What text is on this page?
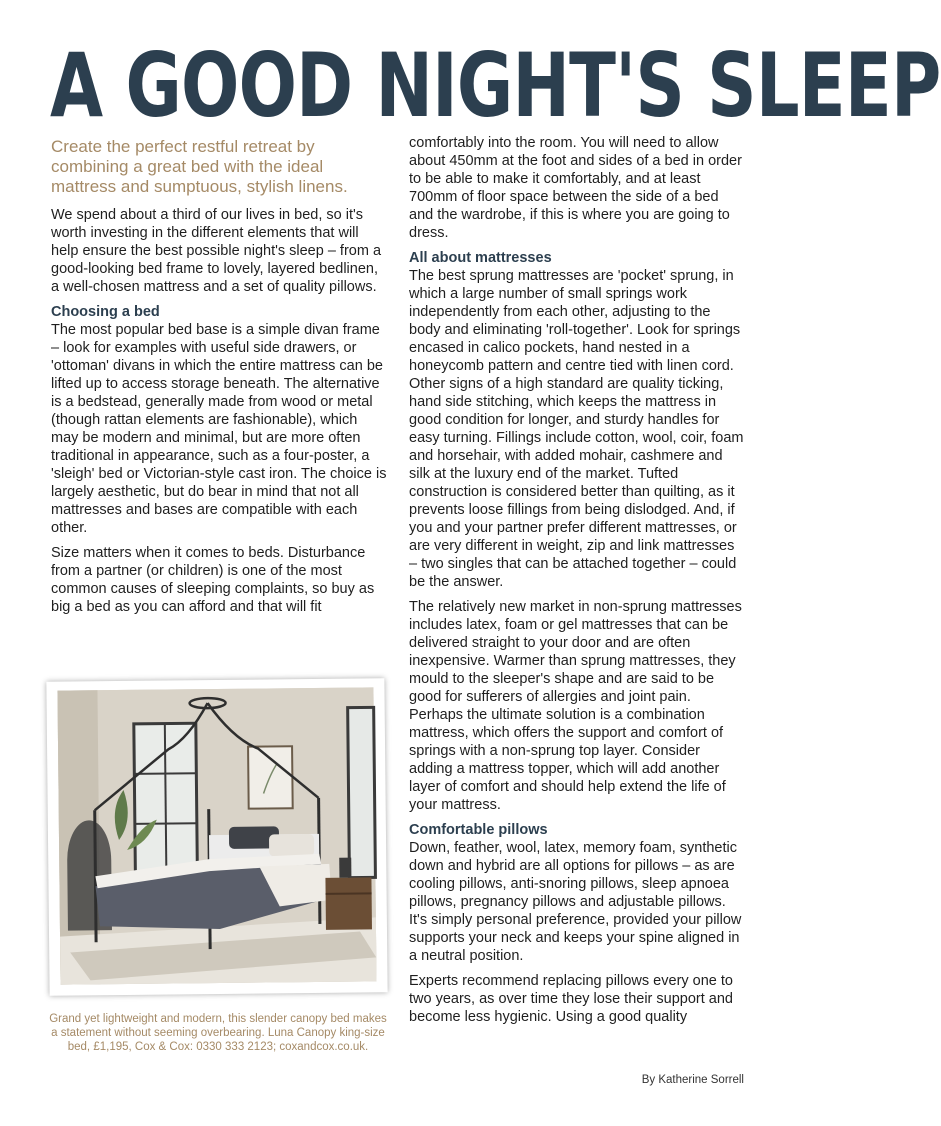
A GOOD NIGHT'S SLEEP

Create the perfect restful retreat by combining a great bed with the ideal mattress and sumptuous, stylish linens.

We spend about a third of our lives in bed, so it's worth investing in the different elements that will help ensure the best possible night's sleep – from a good-looking bed frame to lovely, layered bedlinen, a well-chosen mattress and a set of quality pillows.

Choosing a bed

The most popular bed base is a simple divan frame – look for examples with useful side drawers, or 'ottoman' divans in which the entire mattress can be lifted up to access storage beneath. The alternative is a bedstead, generally made from wood or metal (though rattan elements are fashionable), which may be modern and minimal, but are more often traditional in appearance, such as a four-poster, a 'sleigh' bed or Victorian-style cast iron. The choice is largely aesthetic, but do bear in mind that not all mattresses and bases are compatible with each other.

Size matters when it comes to beds. Disturbance from a partner (or children) is one of the most common causes of sleeping complaints, so buy as big a bed as you can afford and that will fit

Grand yet lightweight and modern, this slender canopy bed makes a statement without seeming overbearing. Luna Canopy king-size bed, £1,195, Cox & Cox: 0330 333 2123; coxandcox.co.uk.

comfortably into the room. You will need to allow about 450mm at the foot and sides of a bed in order to be able to make it comfortably, and at least 700mm of floor space between the side of a bed and the wardrobe, if this is where you are going to dress.

All about mattresses

The best sprung mattresses are 'pocket' sprung, in which a large number of small springs work independently from each other, adjusting to the body and eliminating 'roll-together'. Look for springs encased in calico pockets, hand nested in a honeycomb pattern and centre tied with linen cord. Other signs of a high standard are quality ticking, hand side stitching, which keeps the mattress in good condition for longer, and sturdy handles for easy turning. Fillings include cotton, wool, coir, foam and horsehair, with added mohair, cashmere and silk at the luxury end of the market. Tufted construction is considered better than quilting, as it prevents loose fillings from being dislodged. And, if you and your partner prefer different mattresses, or are very different in weight, zip and link mattresses – two singles that can be attached together – could be the answer.

The relatively new market in non-sprung mattresses includes latex, foam or gel mattresses that can be delivered straight to your door and are often inexpensive. Warmer than sprung mattresses, they mould to the sleeper's shape and are said to be good for sufferers of allergies and joint pain. Perhaps the ultimate solution is a combination mattress, which offers the support and comfort of springs with a non-sprung top layer. Consider adding a mattress topper, which will add another layer of comfort and should help extend the life of your mattress.

Comfortable pillows

Down, feather, wool, latex, memory foam, synthetic down and hybrid are all options for pillows – as are cooling pillows, anti-snoring pillows, sleep apnoea pillows, pregnancy pillows and adjustable pillows. It's simply personal preference, provided your pillow supports your neck and keeps your spine aligned in a neutral position.

Experts recommend replacing pillows every one to two years, as over time they lose their support and become less hygienic. Using a good quality

By Katherine Sorrell
